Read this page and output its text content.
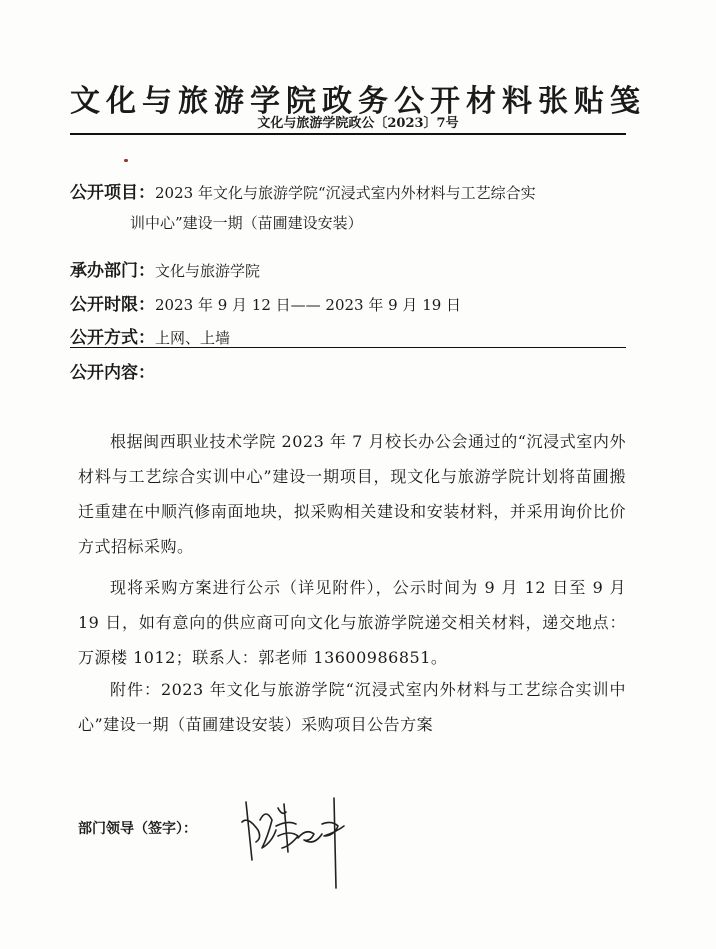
文化与旅游学院政务公开材料张贴笺
文化与旅游学院政公〔2023〕7号
公开项目：2023 年文化与旅游学院“沉浸式室内外材料与工艺综合实
训中心”建设一期（苗圃建设安装）
承办部门：文化与旅游学院
公开时限：2023 年 9 月 12 日—— 2023 年 9 月 19 日
公开方式：上网、上墙
公开内容：
根据闽西职业技术学院 2023 年 7 月校长办公会通过的“沉浸式室内外材料与工艺综合实训中心”建设一期项目，现文化与旅游学院计划将苗圃搬迁重建在中顺汽修南面地块，拟采购相关建设和安装材料，并采用询价比价方式招标采购。
现将采购方案进行公示（详见附件），公示时间为 9 月 12 日至 9 月 19 日，如有意向的供应商可向文化与旅游学院递交相关材料，递交地点：万源楼 1012；联系人：郭老师 13600986851。
附件：2023 年文化与旅游学院“沉浸式室内外材料与工艺综合实训中心”建设一期（苗圃建设安装）采购项目公告方案
部门领导（签字）：
